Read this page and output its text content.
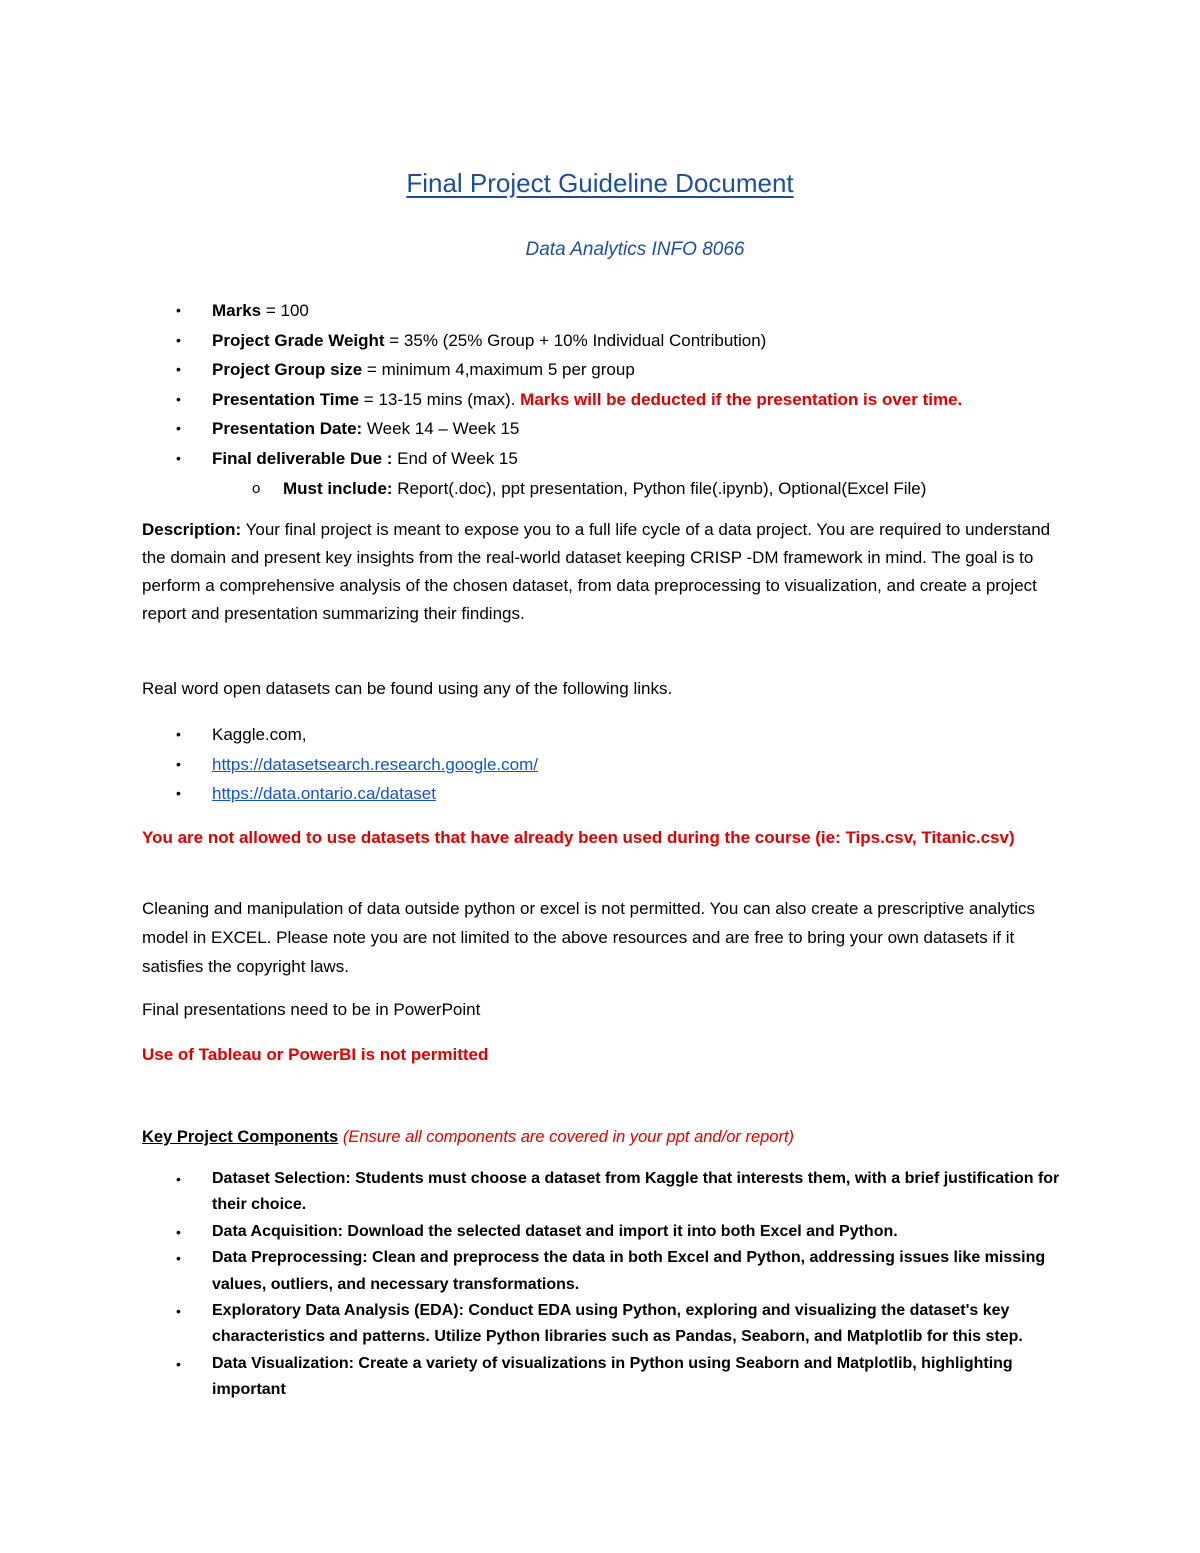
Final Project Guideline Document
Data Analytics INFO 8066
• Marks = 100
• Project Grade Weight = 35% (25% Group + 10% Individual Contribution)
• Project Group size = minimum 4,maximum 5 per group
• Presentation Time = 13-15 mins (max). Marks will be deducted if the presentation is over time.
• Presentation Date: Week 14 – Week 15
• Final deliverable Due : End of Week 15
o Must include: Report(.doc), ppt presentation, Python file(.ipynb), Optional(Excel File)

Description: Your final project is meant to expose you to a full life cycle of a data project. You are required to understand the domain and present key insights from the real-world dataset keeping CRISP -DM framework in mind. The goal is to perform a comprehensive analysis of the chosen dataset, from data preprocessing to visualization, and create a project report and presentation summarizing their findings.

Real word open datasets can be found using any of the following links.

• Kaggle.com,
• https://datasetsearch.research.google.com/
• https://data.ontario.ca/dataset

You are not allowed to use datasets that have already been used during the course (ie: Tips.csv, Titanic.csv)

Cleaning and manipulation of data outside python or excel is not permitted. You can also create a prescriptive analytics model in EXCEL. Please note you are not limited to the above resources and are free to bring your own datasets if it satisfies the copyright laws.

Final presentations need to be in PowerPoint

Use of Tableau or PowerBI is not permitted

Key Project Components (Ensure all components are covered in your ppt and/or report)

• Dataset Selection: Students must choose a dataset from Kaggle that interests them, with a brief justification for their choice.
• Data Acquisition: Download the selected dataset and import it into both Excel and Python.
• Data Preprocessing: Clean and preprocess the data in both Excel and Python, addressing issues like missing values, outliers, and necessary transformations.
• Exploratory Data Analysis (EDA): Conduct EDA using Python, exploring and visualizing the dataset's key characteristics and patterns. Utilize Python libraries such as Pandas, Seaborn, and Matplotlib for this step.
• Data Visualization: Create a variety of visualizations in Python using Seaborn and Matplotlib, highlighting important
